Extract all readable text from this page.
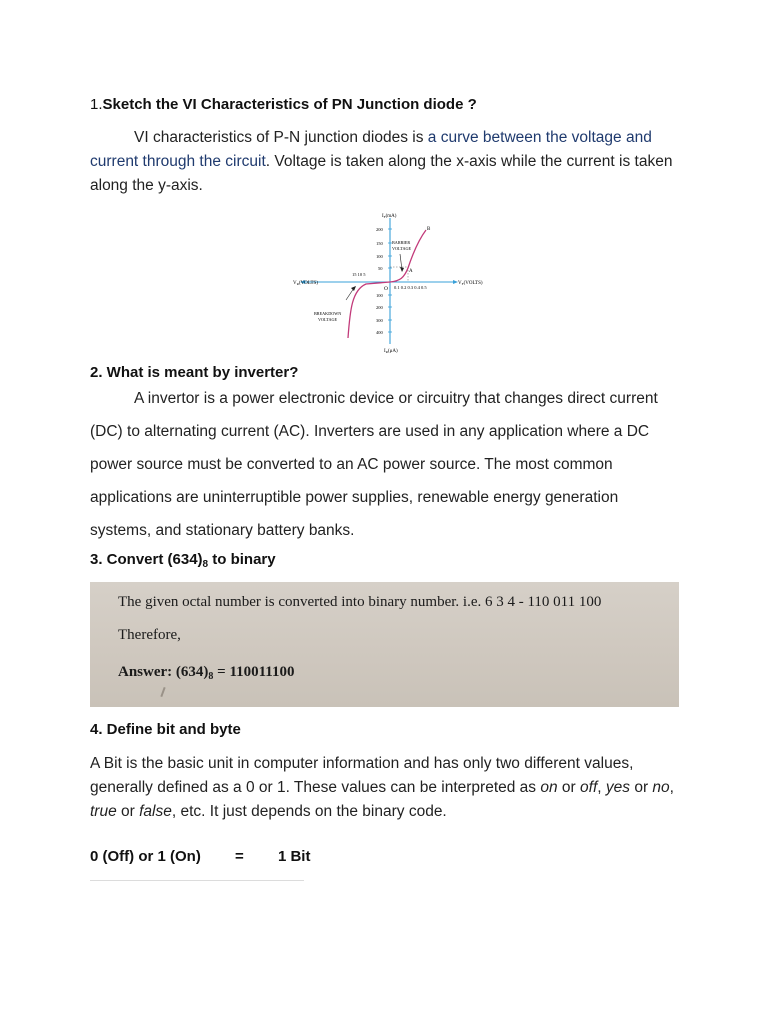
1.Sketch the VI Characteristics of PN Junction diode ?
VI characteristics of P-N junction diodes is a curve between the voltage and current through the circuit. Voltage is taken along the x-axis while the current is taken along the y-axis.
$I_F(mA)$
$I_R(\mu A)$
$V_R(VOLTS)$	$V_F(VOLTS)$
200
150
100
50
100
200
300
400
0.1 0.2 0.3 0.4 0.5
15 10 5
O
A
B
BARRIER
VOLTAGE
BREAKDOWN
VOLTAGE
2. What is meant by inverter?
A invertor is a power electronic device or circuitry that changes direct current (DC) to alternating current (AC). Inverters are used in any application where a DC power source must be converted to an AC power source. The most common applications are uninterruptible power supplies, renewable energy generation systems, and stationary battery banks.
3. Convert $(634)_8$ to binary
The given octal number is converted into binary number. i.e. 6 3 4 - 110 011 100
Therefore,
Answer: $(634)_8 = 110011100$
4. Define bit and byte
A Bit is the basic unit in computer information and has only two different values, generally defined as a 0 or 1. These values can be interpreted as on or off, yes or no, true or false, etc. It just depends on the binary code.
0 (Off) or 1 (On) = 1 Bit
